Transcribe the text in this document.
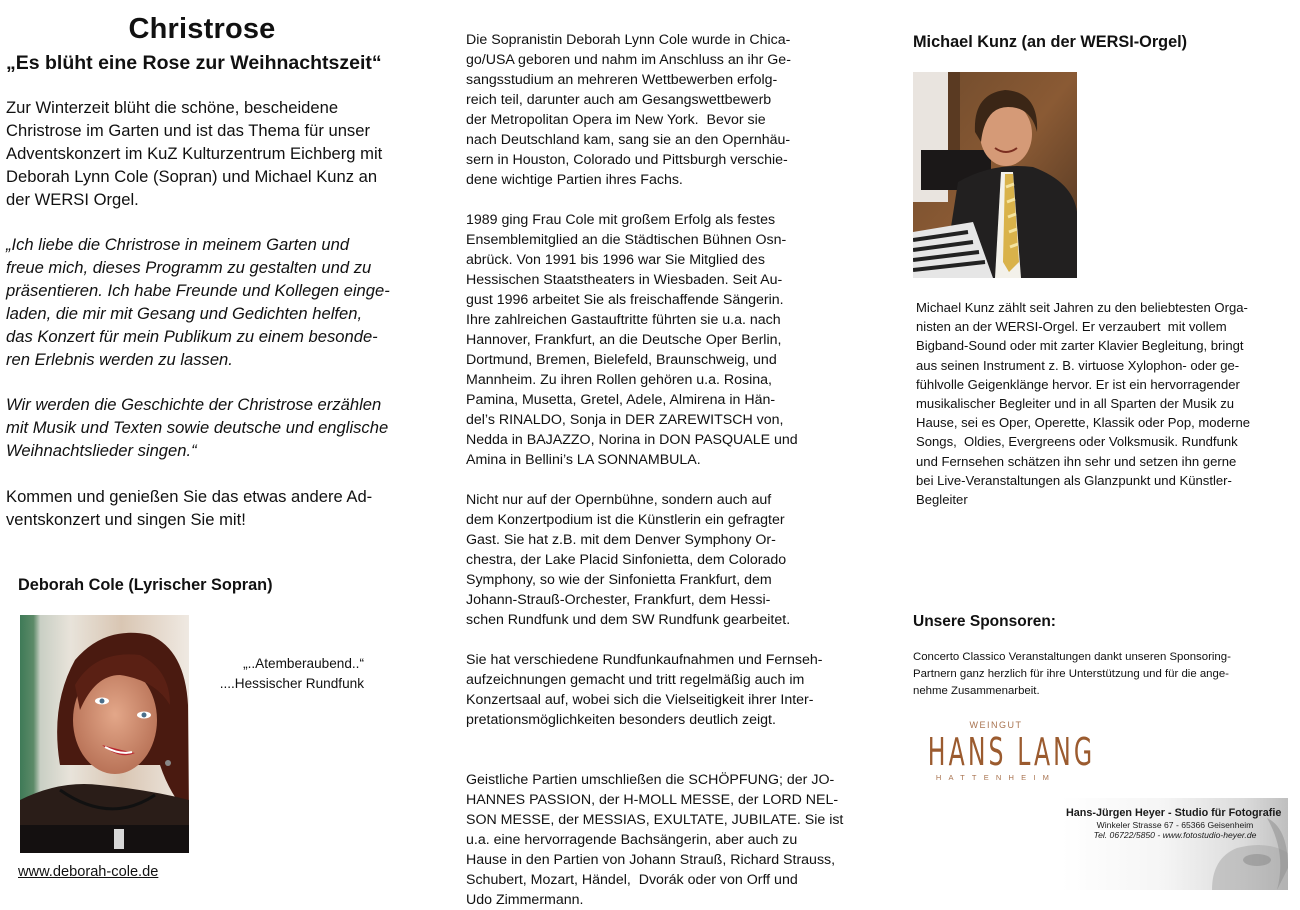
Christrose
„Es blüht eine Rose zur Weihnachtszeit“
Zur Winterzeit blüht die schöne, bescheidene
Christrose im Garten und ist das Thema für unser
Adventskonzert im KuZ Kulturzentrum Eichberg mit
Deborah Lynn Cole (Sopran) und Michael Kunz an
der WERSI Orgel.
„Ich liebe die Christrose in meinem Garten und
freue mich, dieses Programm zu gestalten und zu
präsentieren. Ich habe Freunde und Kollegen einge-
laden, die mir mit Gesang und Gedichten helfen,
das Konzert für mein Publikum zu einem besonde-
ren Erlebnis werden zu lassen.
Wir werden die Geschichte der Christrose erzählen
mit Musik und Texten sowie deutsche und englische
Weihnachtslieder singen.“
Kommen und genießen Sie das etwas andere Ad-
ventskonzert und singen Sie mit!
Deborah Cole (Lyrischer Sopran)
„..Atemberaubend..“
....Hessischer Rundfunk
www.deborah-cole.de
Die Sopranistin Deborah Lynn Cole wurde in Chica-
go/USA geboren und nahm im Anschluss an ihr Ge-
sangsstudium an mehreren Wettbewerben erfolg-
reich teil, darunter auch am Gesangswettbewerb
der Metropolitan Opera im New York.  Bevor sie
nach Deutschland kam, sang sie an den Opernhäu-
sern in Houston, Colorado und Pittsburgh verschie-
dene wichtige Partien ihres Fachs.
1989 ging Frau Cole mit großem Erfolg als festes
Ensemblemitglied an die Städtischen Bühnen Osn-
abrück. Von 1991 bis 1996 war Sie Mitglied des
Hessischen Staatstheaters in Wiesbaden. Seit Au-
gust 1996 arbeitet Sie als freischaffende Sängerin.
Ihre zahlreichen Gastauftritte führten sie u.a. nach
Hannover, Frankfurt, an die Deutsche Oper Berlin,
Dortmund, Bremen, Bielefeld, Braunschweig, und
Mannheim. Zu ihren Rollen gehören u.a. Rosina,
Pamina, Musetta, Gretel, Adele, Almirena in Hän-
del’s RINALDO, Sonja in DER ZAREWITSCH von,
Nedda in BAJAZZO, Norina in DON PASQUALE und
Amina in Bellini’s LA SONNAMBULA.
Nicht nur auf der Opernbühne, sondern auch auf
dem Konzertpodium ist die Künstlerin ein gefragter
Gast. Sie hat z.B. mit dem Denver Symphony Or-
chestra, der Lake Placid Sinfonietta, dem Colorado
Symphony, so wie der Sinfonietta Frankfurt, dem
Johann-Strauß-Orchester, Frankfurt, dem Hessi-
schen Rundfunk und dem SW Rundfunk gearbeitet.
Sie hat verschiedene Rundfunkaufnahmen und Fernseh-
aufzeichnungen gemacht und tritt regelmäßig auch im
Konzertsaal auf, wobei sich die Vielseitigkeit ihrer Inter-
pretationsmöglichkeiten besonders deutlich zeigt.
Geistliche Partien umschließen die SCHÖPFUNG; der JO-
HANNES PASSION, der H-MOLL MESSE, der LORD NEL-
SON MESSE, der MESSIAS, EXULTATE, JUBILATE. Sie ist
u.a. eine hervorragende Bachsängerin, aber auch zu
Hause in den Partien von Johann Strauß, Richard Strauss,
Schubert, Mozart, Händel,  Dvorák oder von Orff und
Udo Zimmermann.
Michael Kunz (an der WERSI-Orgel)
Michael Kunz zählt seit Jahren zu den beliebtesten Orga-
nisten an der WERSI-Orgel. Er verzaubert  mit vollem
Bigband-Sound oder mit zarter Klavier Begleitung, bringt
aus seinen Instrument z. B. virtuose Xylophon- oder ge-
fühlvolle Geigenklänge hervor. Er ist ein hervorragender
musikalischer Begleiter und in all Sparten der Musik zu
Hause, sei es Oper, Operette, Klassik oder Pop, moderne
Songs,  Oldies, Evergreens oder Volksmusik. Rundfunk
und Fernsehen schätzen ihn sehr und setzen ihn gerne
bei Live-Veranstaltungen als Glanzpunkt und Künstler-
Begleiter
Unsere Sponsoren:
Concerto Classico Veranstaltungen dankt unseren Sponsoring-
Partnern ganz herzlich für ihre Unterstützung und für die ange-
nehme Zusammenarbeit.
WEINGUT
HANS LANG
HATTENHEIM
Hans-Jürgen Heyer - Studio für Fotografie
Winkeler Strasse 67 - 65366 Geisenheim
Tel. 06722/5850 - www.fotostudio-heyer.de
